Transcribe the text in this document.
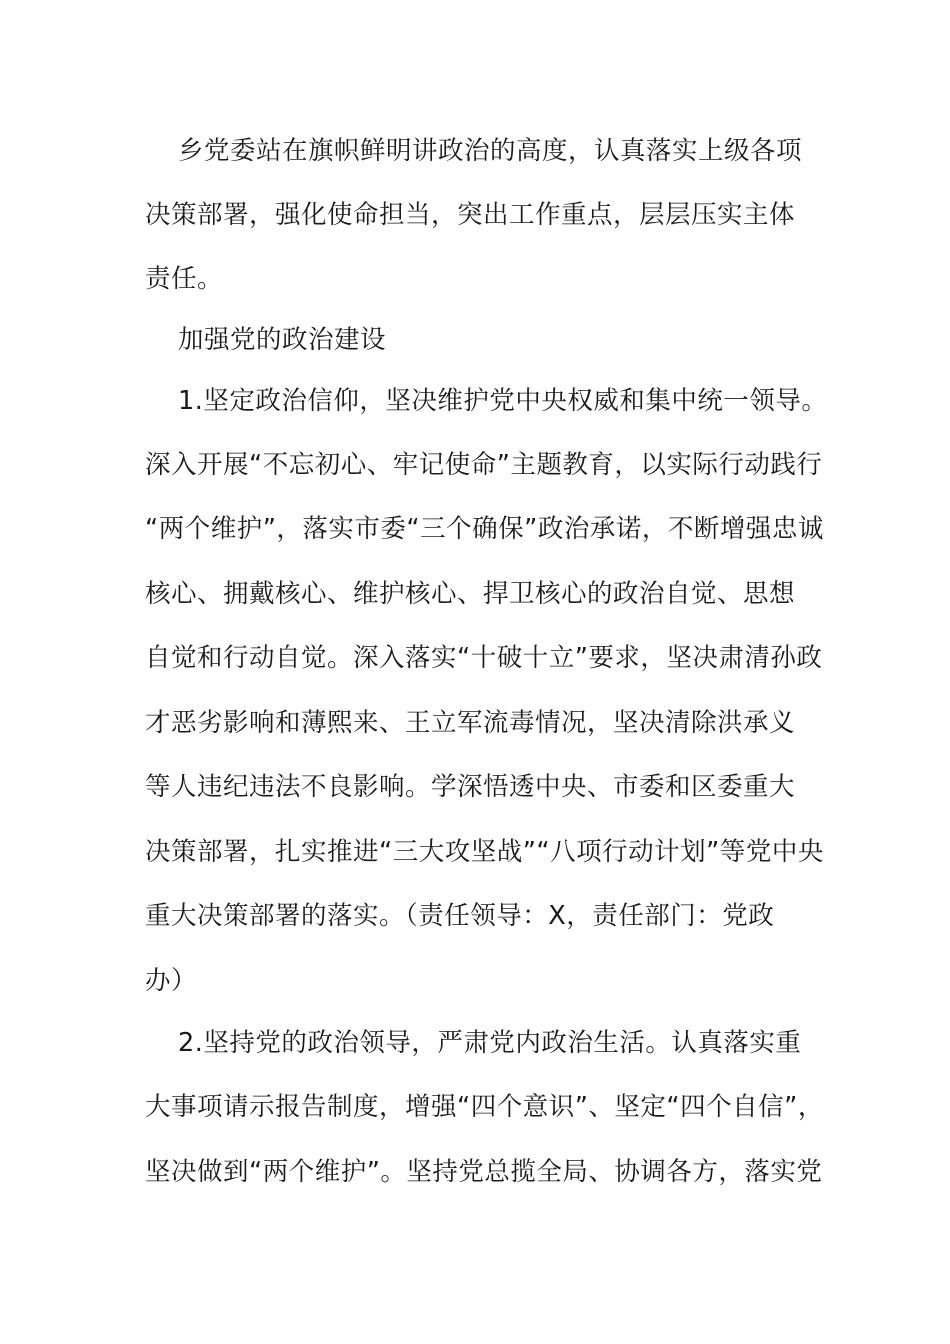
乡党委站在旗帜鲜明讲政治的高度，认真落实上级各项
决策部署，强化使命担当，突出工作重点，层层压实主体
责任。
加强党的政治建设
1.坚定政治信仰，坚决维护党中央权威和集中统一领导。
深入开展“不忘初心、牢记使命”主题教育，以实际行动践行
“两个维护”，落实市委“三个确保”政治承诺，不断增强忠诚
核心、拥戴核心、维护核心、捍卫核心的政治自觉、思想
自觉和行动自觉。深入落实“十破十立”要求，坚决肃清孙政
才恶劣影响和薄熙来、王立军流毒情况，坚决清除洪承义
等人违纪违法不良影响。学深悟透中央、市委和区委重大
决策部署，扎实推进“三大攻坚战”“八项行动计划”等党中央
重大决策部署的落实。（责任领导：X，责任部门：党政
办）
2.坚持党的政治领导，严肃党内政治生活。认真落实重
大事项请示报告制度，增强“四个意识”、坚定“四个自信”，
坚决做到“两个维护”。坚持党总揽全局、协调各方，落实党
